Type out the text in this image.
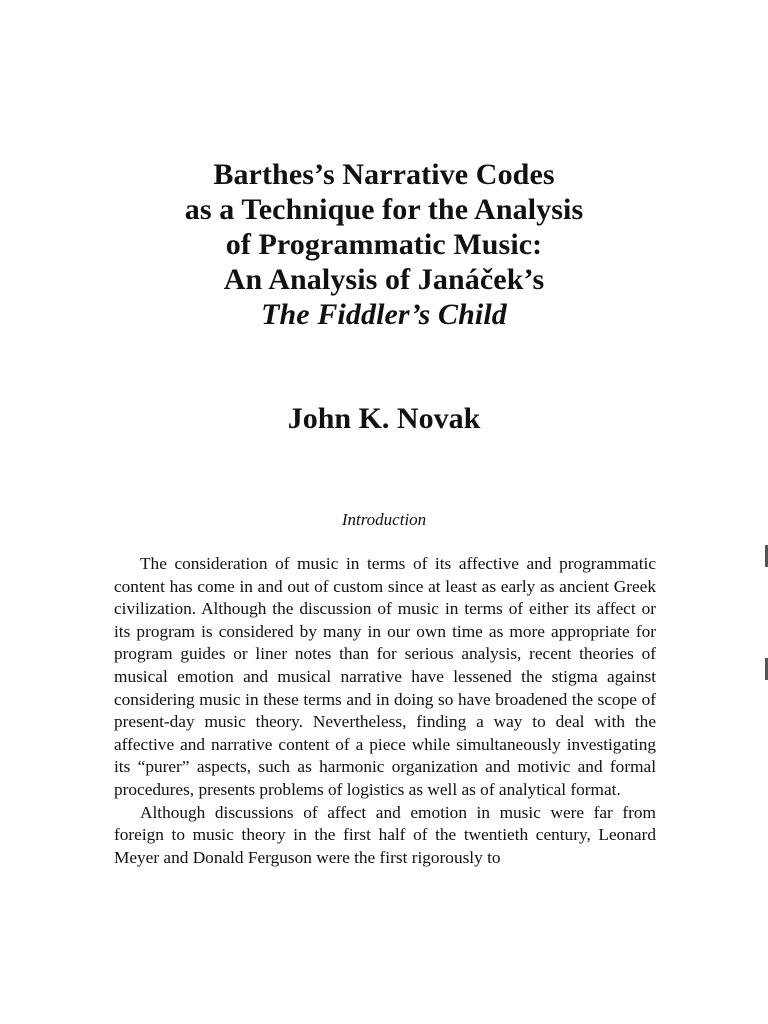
Barthes’s Narrative Codes
as a Technique for the Analysis
of Programmatic Music:
An Analysis of Janáček’s
The Fiddler’s Child
John K. Novak
Introduction

The consideration of music in terms of its affective and programmatic content has come in and out of custom since at least as early as ancient Greek civilization. Although the discussion of music in terms of either its affect or its program is considered by many in our own time as more appropriate for program guides or liner notes than for serious analysis, recent theories of musical emotion and musical narrative have lessened the stigma against considering music in these terms and in doing so have broadened the scope of present-day music theory. Nevertheless, finding a way to deal with the affective and narrative content of a piece while simultaneously investigating its “purer” aspects, such as harmonic organization and motivic and formal procedures, presents problems of logistics as well as of analytical format.

Although discussions of affect and emotion in music were far from foreign to music theory in the first half of the twentieth century, Leonard Meyer and Donald Ferguson were the first rigorously to
